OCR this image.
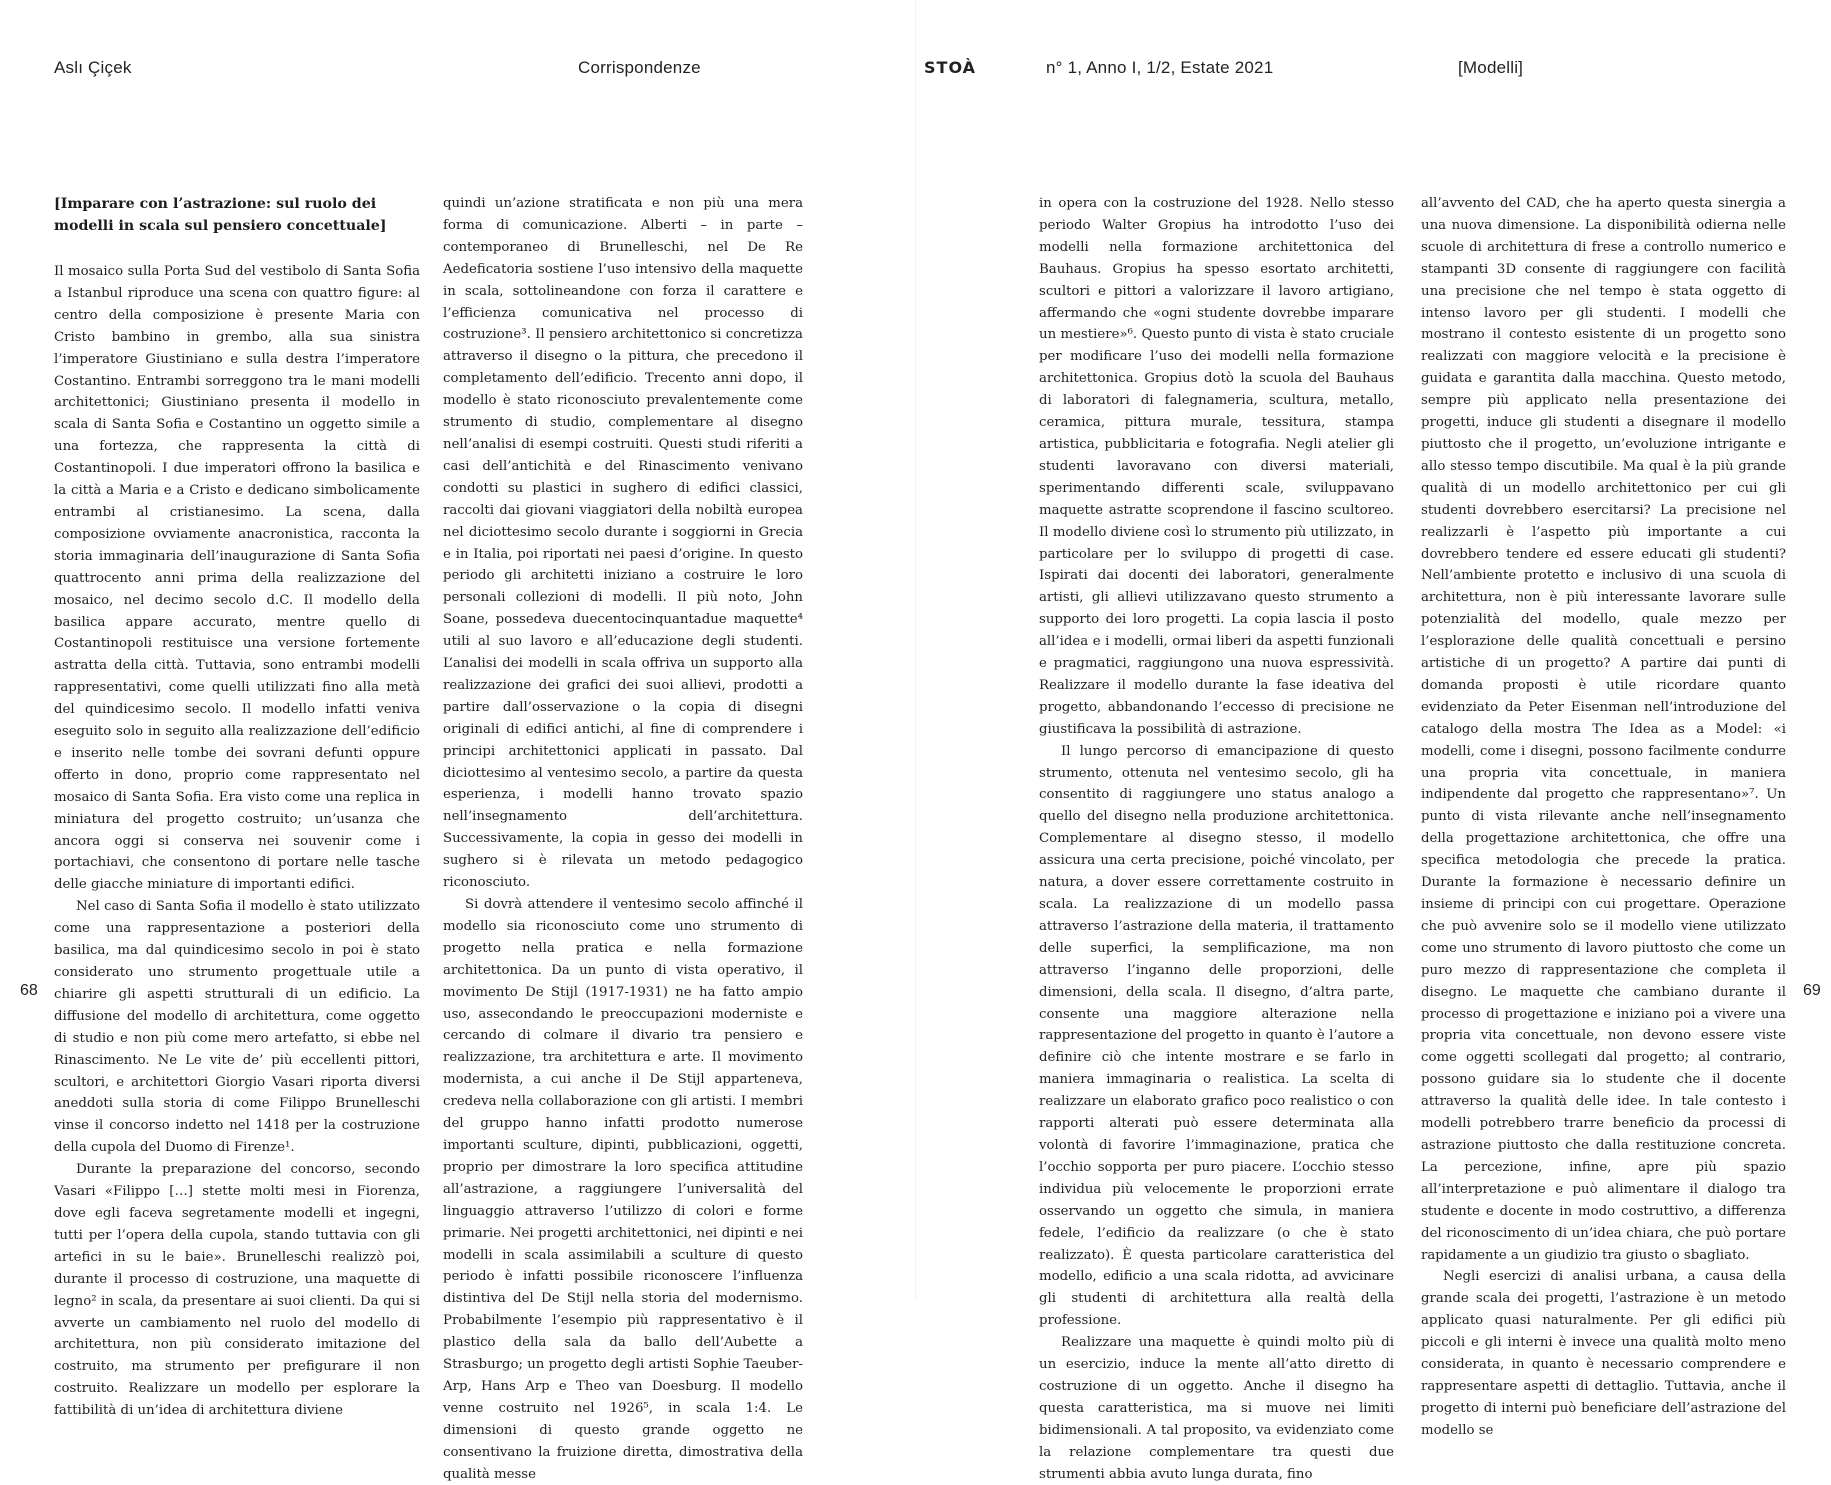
Aslı Çiçek	Corrispondenze
[Imparare con l’astrazione: sul ruolo dei modelli in scala sul pensiero concettuale]

Il mosaico sulla Porta Sud del vestibolo di Santa Sofia a Istanbul riproduce una scena con quattro figure: al centro della composizione è presente Maria con Cristo bambino in grembo, alla sua sinistra l’imperatore Giustiniano e sulla destra l’imperatore Costantino. Entrambi sorreggono tra le mani modelli architettonici; Giustiniano presenta il modello in scala di Santa Sofia e Costantino un oggetto simile a una fortezza, che rappresenta la città di Costantinopoli. I due imperatori offrono la basilica e la città a Maria e a Cristo e dedicano simbolicamente entrambi al cristianesimo. La scena, dalla composizione ovviamente anacronistica, racconta la storia immaginaria dell’inaugurazione di Santa Sofia quattrocento anni prima della realizzazione del mosaico, nel decimo secolo d.C. Il modello della basilica appare accurato, mentre quello di Costantinopoli restituisce una versione fortemente astratta della città. Tuttavia, sono entrambi modelli rappresentativi, come quelli utilizzati fino alla metà del quindicesimo secolo. Il modello infatti veniva eseguito solo in seguito alla realizzazione dell’edificio e inserito nelle tombe dei sovrani defunti oppure offerto in dono, proprio come rappresentato nel mosaico di Santa Sofia. Era visto come una replica in miniatura del progetto costruito; un’usanza che ancora oggi si conserva nei souvenir come i portachiavi, che consentono di portare nelle tasche delle giacche miniature di importanti edifici.

Nel caso di Santa Sofia il modello è stato utilizzato come una rappresentazione a posteriori della basilica, ma dal quindicesimo secolo in poi è stato considerato uno strumento progettuale utile a chiarire gli aspetti strutturali di un edificio. La diffusione del modello di architettura, come oggetto di studio e non più come mero artefatto, si ebbe nel Rinascimento. Ne Le vite de’ più eccellenti pittori, scultori, e architettori Giorgio Vasari riporta diversi aneddoti sulla storia di come Filippo Brunelleschi vinse il concorso indetto nel 1418 per la costruzione della cupola del Duomo di Firenze¹.

Durante la preparazione del concorso, secondo Vasari «Filippo […] stette molti mesi in Fiorenza, dove egli faceva segretamente modelli et ingegni, tutti per l’opera della cupola, stando tuttavia con gli artefici in su le baie». Brunelleschi realizzò poi, durante il processo di costruzione, una maquette di legno² in scala, da presentare ai suoi clienti. Da qui si avverte un cambiamento nel ruolo del modello di architettura, non più considerato imitazione del costruito, ma strumento per prefigurare il non costruito. Realizzare un modello per esplorare la fattibilità di un’idea di architettura diviene

quindi un’azione stratificata e non più una mera forma di comunicazione. Alberti – in parte – contemporaneo di Brunelleschi, nel De Re Aedeficatoria sostiene l’uso intensivo della maquette in scala, sottolineandone con forza il carattere e l’efficienza comunicativa nel processo di costruzione³. Il pensiero architettonico si concretizza attraverso il disegno o la pittura, che precedono il completamento dell’edificio. Trecento anni dopo, il modello è stato riconosciuto prevalentemente come strumento di studio, complementare al disegno nell’analisi di esempi costruiti. Questi studi riferiti a casi dell’antichità e del Rinascimento venivano condotti su plastici in sughero di edifici classici, raccolti dai giovani viaggiatori della nobiltà europea nel diciottesimo secolo durante i soggiorni in Grecia e in Italia, poi riportati nei paesi d’origine. In questo periodo gli architetti iniziano a costruire le loro personali collezioni di modelli. Il più noto, John Soane, possedeva duecentocinquantadue maquette⁴ utili al suo lavoro e all’educazione degli studenti. L’analisi dei modelli in scala offriva un supporto alla realizzazione dei grafici dei suoi allievi, prodotti a partire dall’osservazione o la copia di disegni originali di edifici antichi, al fine di comprendere i principi architettonici applicati in passato. Dal diciottesimo al ventesimo secolo, a partire da questa esperienza, i modelli hanno trovato spazio nell’insegnamento dell’architettura. Successivamente, la copia in gesso dei modelli in sughero si è rilevata un metodo pedagogico riconosciuto.

Si dovrà attendere il ventesimo secolo affinché il modello sia riconosciuto come uno strumento di progetto nella pratica e nella formazione architettonica. Da un punto di vista operativo, il movimento De Stijl (1917-1931) ne ha fatto ampio uso, assecondando le preoccupazioni moderniste e cercando di colmare il divario tra pensiero e realizzazione, tra architettura e arte. Il movimento modernista, a cui anche il De Stijl apparteneva, credeva nella collaborazione con gli artisti. I membri del gruppo hanno infatti prodotto numerose importanti sculture, dipinti, pubblicazioni, oggetti, proprio per dimostrare la loro specifica attitudine all’astrazione, a raggiungere l’universalità del linguaggio attraverso l’utilizzo di colori e forme primarie. Nei progetti architettonici, nei dipinti e nei modelli in scala assimilabili a sculture di questo periodo è infatti possibile riconoscere l’influenza distintiva del De Stijl nella storia del modernismo. Probabilmente l’esempio più rappresentativo è il plastico della sala da ballo dell’Aubette a Strasburgo; un progetto degli artisti Sophie Taeuber-Arp, Hans Arp e Theo van Doesburg. Il modello venne costruito nel 1926⁵, in scala 1:4. Le dimensioni di questo grande oggetto ne consentivano la fruizione diretta, dimostrativa della qualità messe

68
STOÀ	n° 1, Anno I, 1/2, Estate 2021	[Modelli]

in opera con la costruzione del 1928. Nello stesso periodo Walter Gropius ha introdotto l’uso dei modelli nella formazione architettonica del Bauhaus. Gropius ha spesso esortato architetti, scultori e pittori a valorizzare il lavoro artigiano, affermando che «ogni studente dovrebbe imparare un mestiere»⁶. Questo punto di vista è stato cruciale per modificare l’uso dei modelli nella formazione architettonica. Gropius dotò la scuola del Bauhaus di laboratori di falegnameria, scultura, metallo, ceramica, pittura murale, tessitura, stampa artistica, pubblicitaria e fotografia. Negli atelier gli studenti lavoravano con diversi materiali, sperimentando differenti scale, sviluppavano maquette astratte scoprendone il fascino scultoreo. Il modello diviene così lo strumento più utilizzato, in particolare per lo sviluppo di progetti di case. Ispirati dai docenti dei laboratori, generalmente artisti, gli allievi utilizzavano questo strumento a supporto dei loro progetti. La copia lascia il posto all’idea e i modelli, ormai liberi da aspetti funzionali e pragmatici, raggiungono una nuova espressività. Realizzare il modello durante la fase ideativa del progetto, abbandonando l’eccesso di precisione ne giustificava la possibilità di astrazione.

Il lungo percorso di emancipazione di questo strumento, ottenuta nel ventesimo secolo, gli ha consentito di raggiungere uno status analogo a quello del disegno nella produzione architettonica. Complementare al disegno stesso, il modello assicura una certa precisione, poiché vincolato, per natura, a dover essere correttamente costruito in scala. La realizzazione di un modello passa attraverso l’astrazione della materia, il trattamento delle superfici, la semplificazione, ma non attraverso l’inganno delle proporzioni, delle dimensioni, della scala. Il disegno, d’altra parte, consente una maggiore alterazione nella rappresentazione del progetto in quanto è l’autore a definire ciò che intente mostrare e se farlo in maniera immaginaria o realistica. La scelta di realizzare un elaborato grafico poco realistico o con rapporti alterati può essere determinata alla volontà di favorire l’immaginazione, pratica che l’occhio sopporta per puro piacere. L’occhio stesso individua più velocemente le proporzioni errate osservando un oggetto che simula, in maniera fedele, l’edificio da realizzare (o che è stato realizzato). È questa particolare caratteristica del modello, edificio a una scala ridotta, ad avvicinare gli studenti di architettura alla realtà della professione.

Realizzare una maquette è quindi molto più di un esercizio, induce la mente all’atto diretto di costruzione di un oggetto. Anche il disegno ha questa caratteristica, ma si muove nei limiti bidimensionali. A tal proposito, va evidenziato come la relazione complementare tra questi due strumenti abbia avuto lunga durata, fino

all’avvento del CAD, che ha aperto questa sinergia a una nuova dimensione. La disponibilità odierna nelle scuole di architettura di frese a controllo numerico e stampanti 3D consente di raggiungere con facilità una precisione che nel tempo è stata oggetto di intenso lavoro per gli studenti. I modelli che mostrano il contesto esistente di un progetto sono realizzati con maggiore velocità e la precisione è guidata e garantita dalla macchina. Questo metodo, sempre più applicato nella presentazione dei progetti, induce gli studenti a disegnare il modello piuttosto che il progetto, un’evoluzione intrigante e allo stesso tempo discutibile. Ma qual è la più grande qualità di un modello architettonico per cui gli studenti dovrebbero esercitarsi? La precisione nel realizzarli è l’aspetto più importante a cui dovrebbero tendere ed essere educati gli studenti? Nell’ambiente protetto e inclusivo di una scuola di architettura, non è più interessante lavorare sulle potenzialità del modello, quale mezzo per l’esplorazione delle qualità concettuali e persino artistiche di un progetto? A partire dai punti di domanda proposti è utile ricordare quanto evidenziato da Peter Eisenman nell’introduzione del catalogo della mostra The Idea as a Model: «i modelli, come i disegni, possono facilmente condurre una propria vita concettuale, in maniera indipendente dal progetto che rappresentano»⁷. Un punto di vista rilevante anche nell’insegnamento della progettazione architettonica, che offre una specifica metodologia che precede la pratica. Durante la formazione è necessario definire un insieme di principi con cui progettare. Operazione che può avvenire solo se il modello viene utilizzato come uno strumento di lavoro piuttosto che come un puro mezzo di rappresentazione che completa il disegno. Le maquette che cambiano durante il processo di progettazione e iniziano poi a vivere una propria vita concettuale, non devono essere viste come oggetti scollegati dal progetto; al contrario, possono guidare sia lo studente che il docente attraverso la qualità delle idee. In tale contesto i modelli potrebbero trarre beneficio da processi di astrazione piuttosto che dalla restituzione concreta. La percezione, infine, apre più spazio all’interpretazione e può alimentare il dialogo tra studente e docente in modo costruttivo, a differenza del riconoscimento di un’idea chiara, che può portare rapidamente a un giudizio tra giusto o sbagliato.

Negli esercizi di analisi urbana, a causa della grande scala dei progetti, l’astrazione è un metodo applicato quasi naturalmente. Per gli edifici più piccoli e gli interni è invece una qualità molto meno considerata, in quanto è necessario comprendere e rappresentare aspetti di dettaglio. Tuttavia, anche il progetto di interni può beneficiare dell’astrazione del modello se

69
